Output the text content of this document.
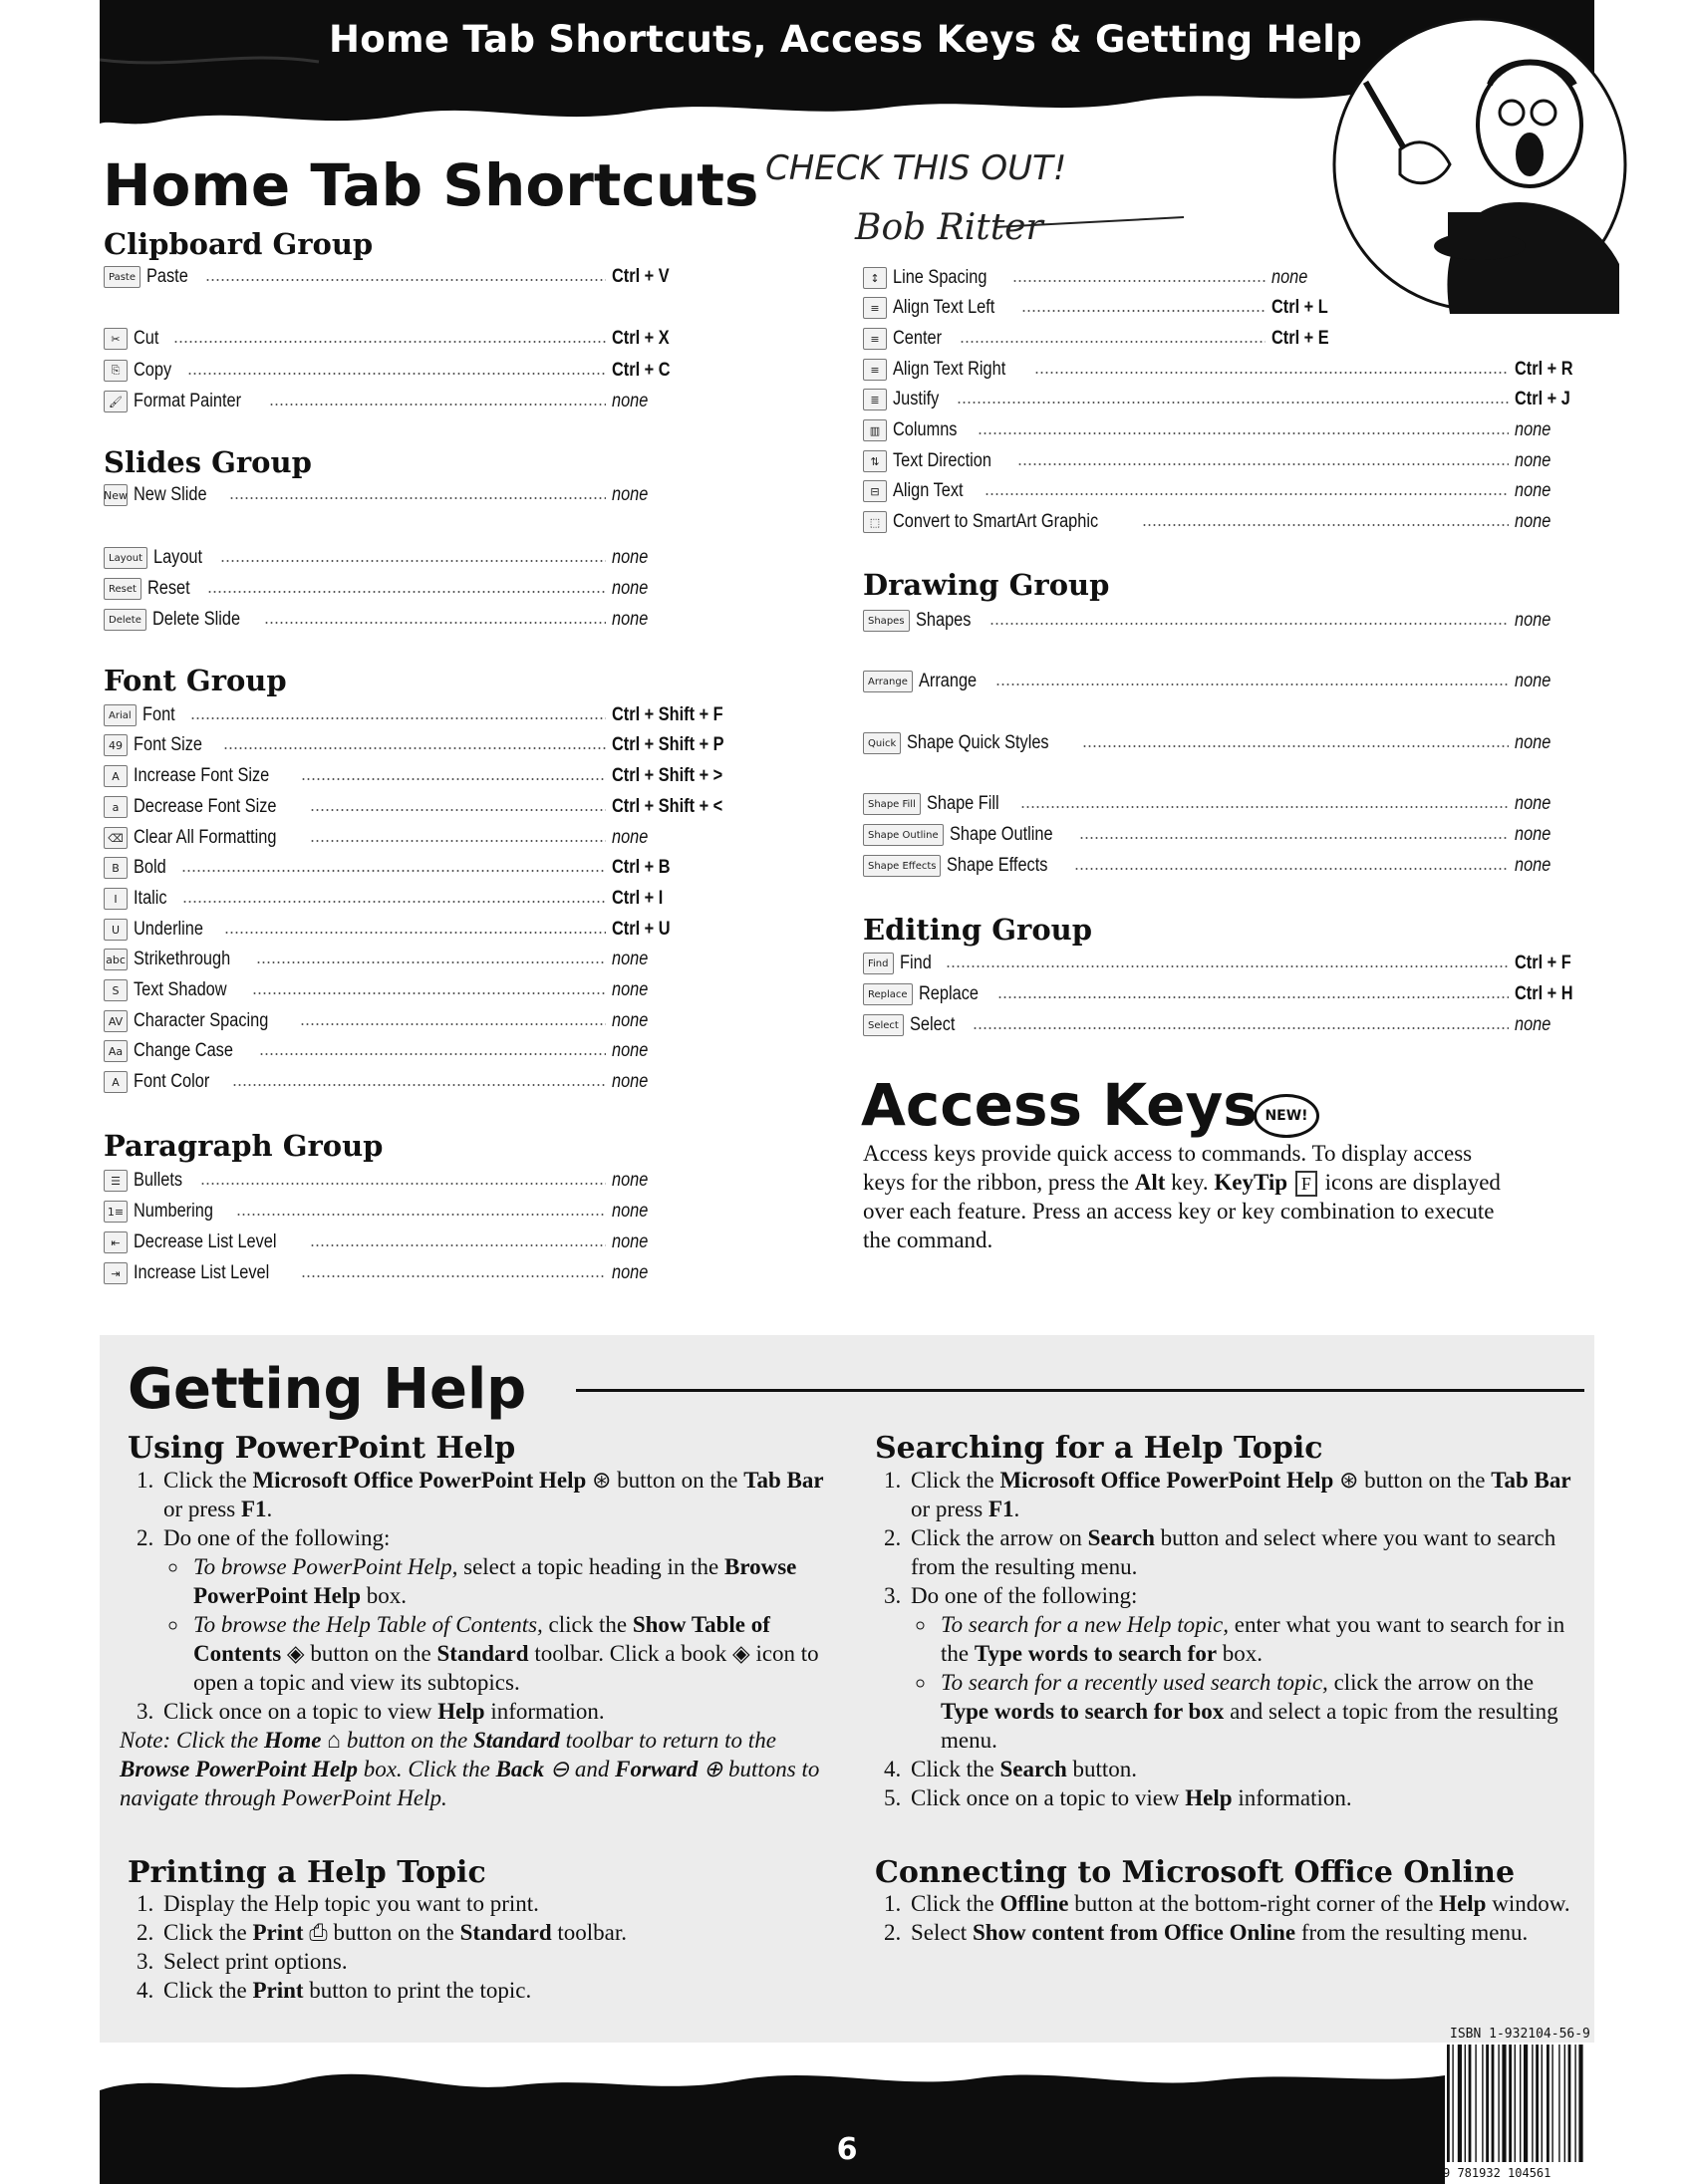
Home Tab Shortcuts, Access Keys & Getting Help
CHECK THIS OUT!
Bob Ritter
Home Tab Shortcuts
Clipboard Group
Paste Paste	Ctrl + V
✂ Cut	Ctrl + X
⎘ Copy	Ctrl + C
🖌 Format Painter	none
Slides Group
New New Slide	none
Layout Layout	none
Reset Reset	none
Delete Delete Slide	none
Font Group
Arial Font	Ctrl + Shift + F
49 Font Size	Ctrl + Shift + P
A Increase Font Size	Ctrl + Shift + >
a Decrease Font Size	Ctrl + Shift + <
⌫ Clear All Formatting	none
B Bold	Ctrl + B
I Italic	Ctrl + I
U Underline	Ctrl + U
abc Strikethrough	none
S Text Shadow	none
AV Character Spacing	none
Aa Change Case	none
A Font Color	none
Paragraph Group
☰ Bullets	none
1≡ Numbering	none
⇤ Decrease List Level	none
⇥ Increase List Level	none
↕ Line Spacing	none
≡ Align Text Left	Ctrl + L
≡ Center	Ctrl + E
≡ Align Text Right	Ctrl + R
≣ Justify	Ctrl + J
▥ Columns	none
⇅ Text Direction	none
⊟ Align Text	none
⬚ Convert to SmartArt Graphic	none
Drawing Group
Shapes Shapes	none
Arrange Arrange	none
Quick Shape Quick Styles	none
Shape Fill Shape Fill	none
Shape Outline Shape Outline	none
Shape Effects Shape Effects	none
Editing Group
Find Find	Ctrl + F
Replace Replace	Ctrl + H
Select Select	none
Access Keys NEW!
Access keys provide quick access to commands. To display access keys for the ribbon, press the Alt key. KeyTip F icons are displayed over each feature. Press an access key or key combination to execute the command.
Getting Help
Using PowerPoint Help
1. Click the Microsoft Office PowerPoint Help ⊛ button on the Tab Bar or press F1.
2. Do one of the following:
◦ To browse PowerPoint Help, select a topic heading in the Browse PowerPoint Help box.
◦ To browse the Help Table of Contents, click the Show Table of Contents ◈ button on the Standard toolbar. Click a book ◈ icon to open a topic and view its subtopics.
3. Click once on a topic to view Help information.
Note: Click the Home ⌂ button on the Standard toolbar to return to the Browse PowerPoint Help box. Click the Back ⊖ and Forward ⊕ buttons to navigate through PowerPoint Help.
Searching for a Help Topic
1. Click the Microsoft Office PowerPoint Help ⊛ button on the Tab Bar or press F1.
2. Click the arrow on Search button and select where you want to search from the resulting menu.
3. Do one of the following:
◦ To search for a new Help topic, enter what you want to search for in the Type words to search for box.
◦ To search for a recently used search topic, click the arrow on the Type words to search for box and select a topic from the resulting menu.
4. Click the Search button.
5. Click once on a topic to view Help information.
Printing a Help Topic
1. Display the Help topic you want to print.
2. Click the Print ⎙ button on the Standard toolbar.
3. Select print options.
4. Click the Print button to print the topic.
Connecting to Microsoft Office Online
1. Click the Offline button at the bottom-right corner of the Help window.
2. Select Show content from Office Online from the resulting menu.
6
ISBN 1-932104-56-9
9 781932 104561
